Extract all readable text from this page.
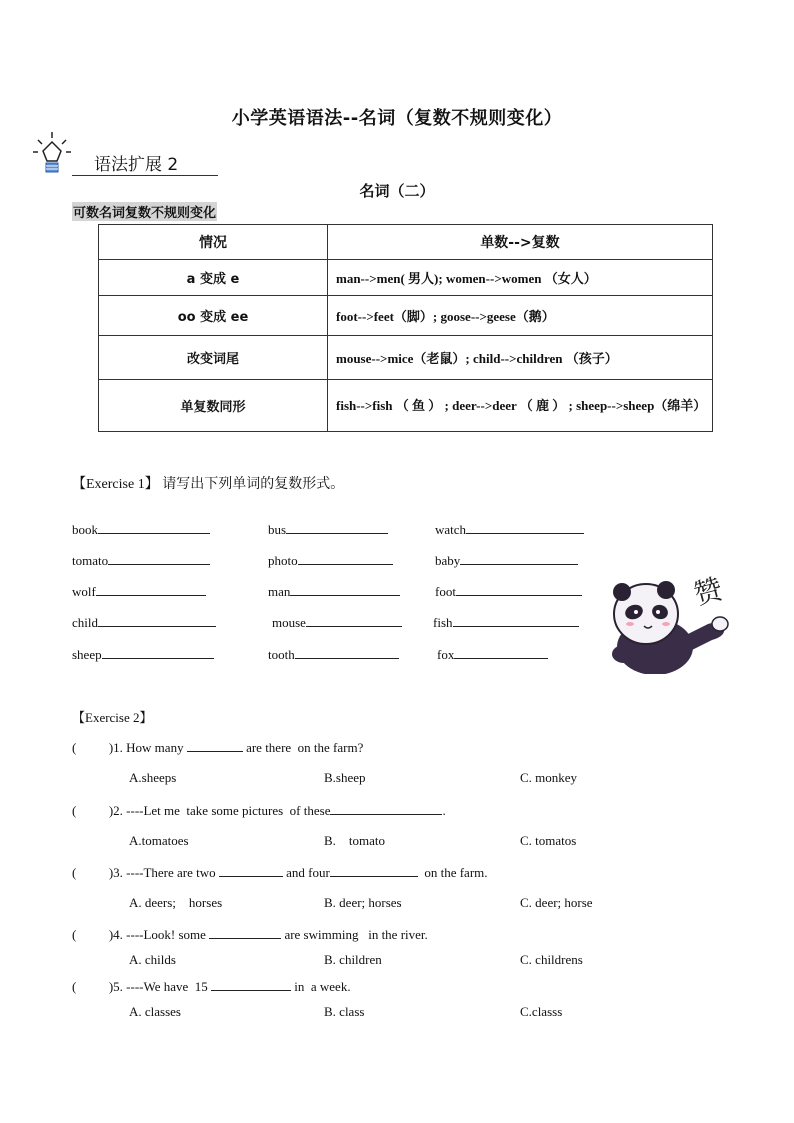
小学英语语法--名词（复数不规则变化）
语法扩展 2
名词（二）
可数名词复数不规则变化
情况	单数-->复数
a 变成 e	man-->men( 男人); women-->women （女人）
oo 变成 ee	foot-->feet（脚）; goose-->geese（鹅）
改变词尾	mouse-->mice（老鼠）; child-->children （孩子）
单复数同形	fish-->fish （ 鱼 ） ; deer-->deer （ 鹿 ） ; sheep-->sheep（绵羊）
【Exercise 1】 请写出下列单词的复数形式。
book	bus	watch
tomato	photo	baby
wolf	man	foot
child	mouse	fish
sheep	tooth	fox
赞
【Exercise 2】
(          )1. How many	are there  on the farm?
A.sheeps	B.sheep	C. monkey
(          )2. ----Let me  take some pictures  of these	.
A.tomatoes	B.    tomato	C. tomatos
(          )3. ----There are two	and four	on the farm.
A. deers;    horses	B. deer; horses	C. deer; horse
(          )4. ----Look! some	are swimming   in the river.
A. childs	B. children	C. childrens
(          )5. ----We have  15	in  a week.
A. classes	B. class	C.classs
